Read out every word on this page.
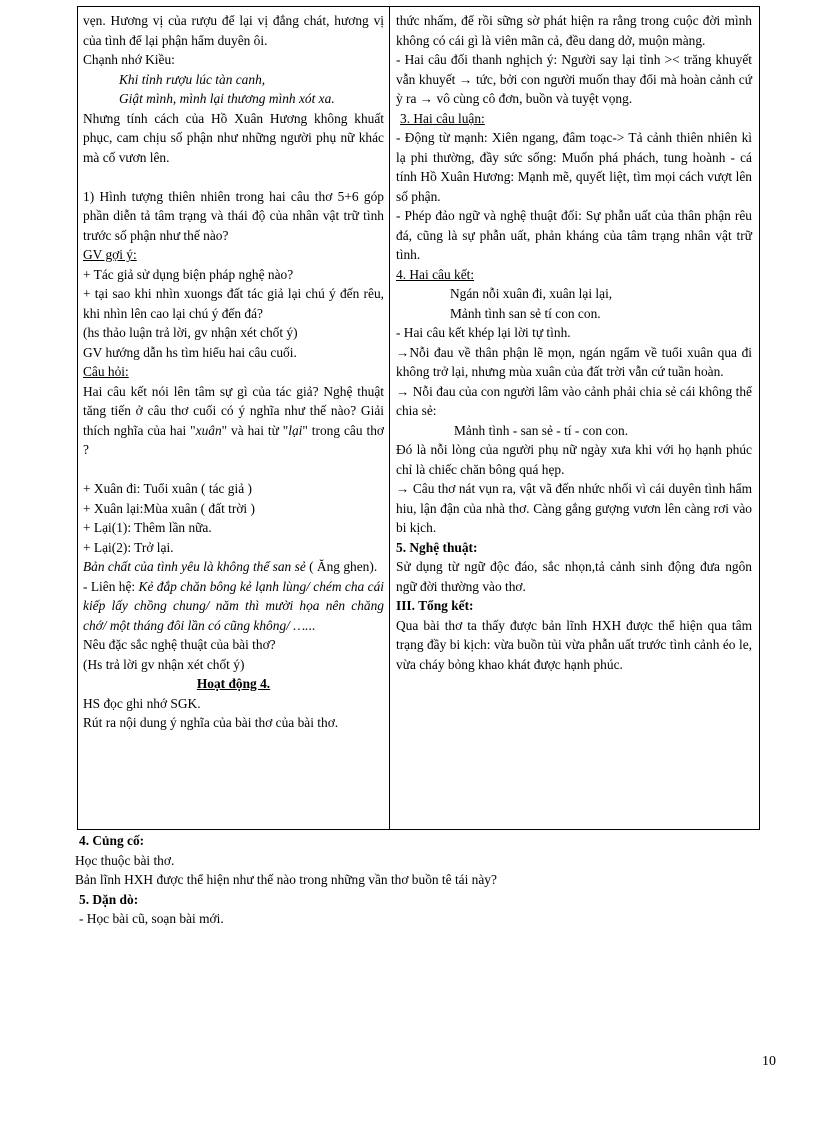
vẹn. Hương vị của rượu để lại vị đắng chát, hương vị của tình để lại phận hẩm duyên ôi.

Chạnh nhớ Kiều:

Khi tỉnh rượu lúc tàn canh,

Giật mình, mình lại thương mình xót xa.

Nhưng tính cách của Hồ Xuân Hương không khuất phục, cam chịu số phận như những người phụ nữ khác mà cố vươn lên.

1) Hình tượng thiên nhiên trong hai câu thơ 5+6 góp phần diễn tả tâm trạng và thái độ của nhân vật trữ tình trước số phận như thế nào?

GV gợi ý:

+ Tác giả sử dụng biện pháp nghệ nào?

+ tại sao khi nhìn xuongs đất tác giả lại chú ý đến rêu, khi nhìn lên cao lại chú ý đến đá?

(hs thảo luận trả lời, gv nhận xét chốt ý)

GV hướng dẫn hs tìm hiểu hai câu cuối.

Câu hỏi:

Hai câu kết nói lên tâm sự gì của tác giả? Nghệ thuật tăng tiến ở câu thơ cuối có ý nghĩa như thế nào? Giải thích nghĩa của hai "xuân" và hai từ "lại" trong câu thơ ?

+ Xuân đi: Tuổi xuân ( tác giả )

+ Xuân lại:Mùa xuân ( đất trời )

+ Lại(1): Thêm lần nữa.

+ Lại(2): Trở lại.

Bản chất của tình yêu là không thể san sẻ ( Ăng ghen).

- Liên hệ: Kẻ đắp chăn bông kẻ lạnh lùng/ chém cha cái kiếp lấy chồng chung/ năm thì mười họa nên chăng chớ/ một tháng đôi lần có cũng không/ …...

Nêu đặc sắc nghệ thuật của bài thơ?

(Hs trả lời gv nhận xét chốt ý)

Hoạt động 4.

HS đọc ghi nhớ SGK.

Rút ra nội dung ý nghĩa của bài thơ của bài thơ.

thức nhấm, để rồi sững sờ phát hiện ra rằng trong cuộc đời mình không có cái gì là viên mãn cả, đều dang dở, muộn màng.

- Hai câu đối thanh nghịch ý: Người say lại tỉnh >< trăng khuyết vẫn khuyết → tức, bởi con người muốn thay đổi mà hoàn cảnh cứ ỳ ra → vô cùng cô đơn, buồn và tuyệt vọng.

3. Hai câu luận:

- Động từ mạnh: Xiên ngang, đâm toạc-> Tả cảnh thiên nhiên kì lạ phi thường, đầy sức sống: Muốn phá phách, tung hoành - cá tính Hồ Xuân Hương: Mạnh mẽ, quyết liệt, tìm mọi cách vượt lên số phận.

- Phép đảo ngữ và nghệ thuật đối: Sự phẫn uất của thân phận rêu đá, cũng là sự phẫn uất, phản kháng của tâm trạng nhân vật trữ tình.

4. Hai câu kết:

Ngán nỗi xuân đi, xuân lại lại,

Mảnh tình san sẻ tí con con.

- Hai câu kết khép lại lời tự tình.

→Nỗi đau về thân phận lẽ mọn, ngán ngẩm về tuổi xuân qua đi không trở lại, nhưng mùa xuân của đất trời vẫn cứ tuần hoàn.

→ Nỗi đau của con người lâm vào cảnh phải chia sẻ cái không thể chia sẻ:

Mảnh tình - san sẻ - tí - con con.

Đó là nỗi lòng của người phụ nữ ngày xưa khi với họ hạnh phúc chỉ là chiếc chăn bông quá hẹp.

→ Câu thơ nát vụn ra, vật vã đến nhức nhối vì cái duyên tình hẩm hiu, lận đận của nhà thơ. Càng gắng gượng vươn lên càng rơi vào bi kịch.

5. Nghệ thuật:

Sử dụng từ ngữ độc đáo, sắc nhọn,tả cảnh sinh động đưa ngôn ngữ đời thường vào thơ.

III. Tổng kết:

Qua bài thơ ta thấy được bản lĩnh HXH được thể hiện qua tâm trạng đầy bi kịch: vừa buồn tủi vừa phẫn uất trước tình cảnh éo le, vừa cháy bỏng khao khát được hạnh phúc.

4. Củng cố:

Học thuộc bài thơ.

Bản lĩnh HXH được thể hiện như thế nào trong những vần thơ buồn tê tái này?

5. Dặn dò:

- Học bài cũ, soạn bài mới.

10
